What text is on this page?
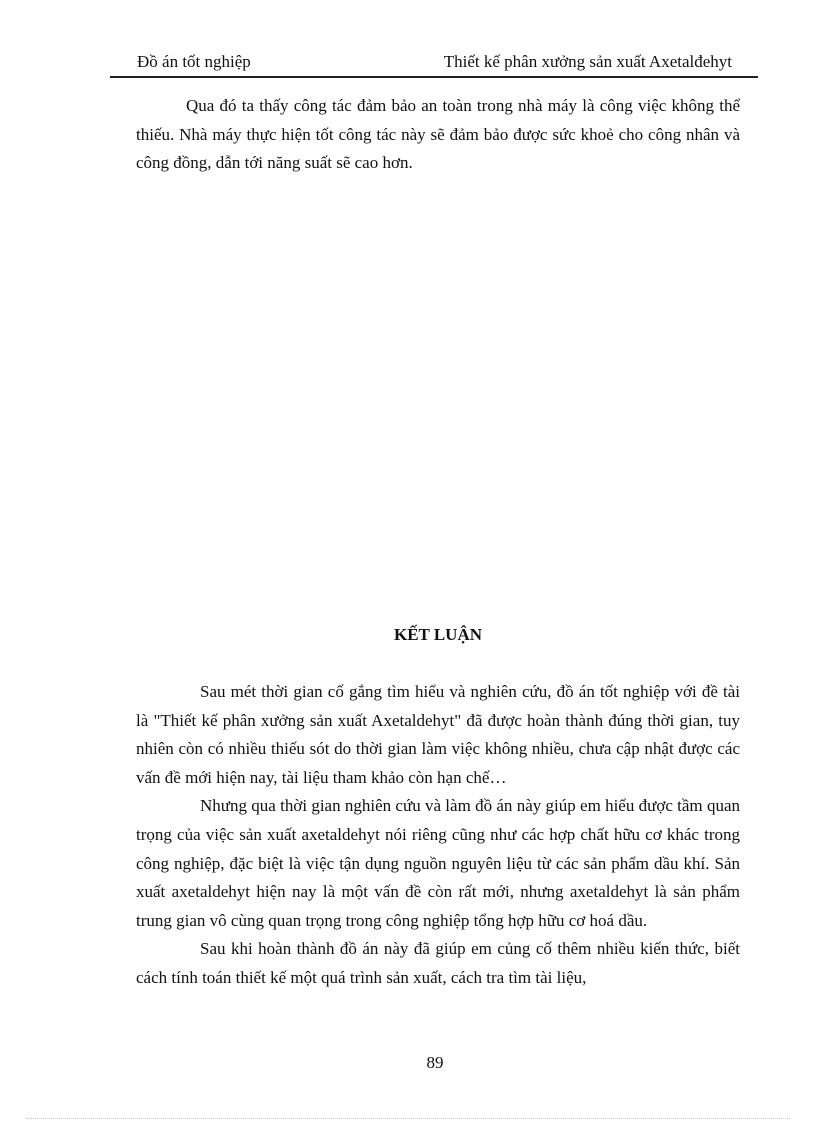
Đồ án tốt nghiệp	Thiết kế phân xưởng sản xuất Axetalđehyt

Qua đó ta thấy công tác đảm bảo an toàn trong nhà máy là công việc không thể thiếu. Nhà máy thực hiện tốt công tác này sẽ đảm bảo được sức khoẻ cho công nhân và công đồng, dẫn tới năng suất sẽ cao hơn.

KẾT LUẬN

Sau mét thời gian cố gắng tìm hiểu và nghiên cứu, đồ án tốt nghiệp với đề tài là "Thiết kế phân xưởng sản xuất Axetaldehyt" đã được hoàn thành đúng thời gian, tuy nhiên còn có nhiều thiếu sót do thời gian làm việc không nhiều, chưa cập nhật được các vấn đề mới hiện nay, tài liệu tham khảo còn hạn chế…

Nhưng qua thời gian nghiên cứu và làm đồ án này giúp em hiểu được tầm quan trọng của việc sản xuất axetaldehyt nói riêng cũng như các hợp chất hữu cơ khác trong công nghiệp, đặc biệt là việc tận dụng nguồn nguyên liệu từ các sản phẩm dầu khí. Sản xuất axetaldehyt hiện nay là một vấn đề còn rất mới, nhưng axetaldehyt là sản phẩm trung gian vô cùng quan trọng trong công nghiệp tổng hợp hữu cơ hoá dầu.

Sau khi hoàn thành đồ án này đã giúp em củng cố thêm nhiều kiến thức, biết cách tính toán thiết kế một quá trình sản xuất, cách tra tìm tài liệu,

89
